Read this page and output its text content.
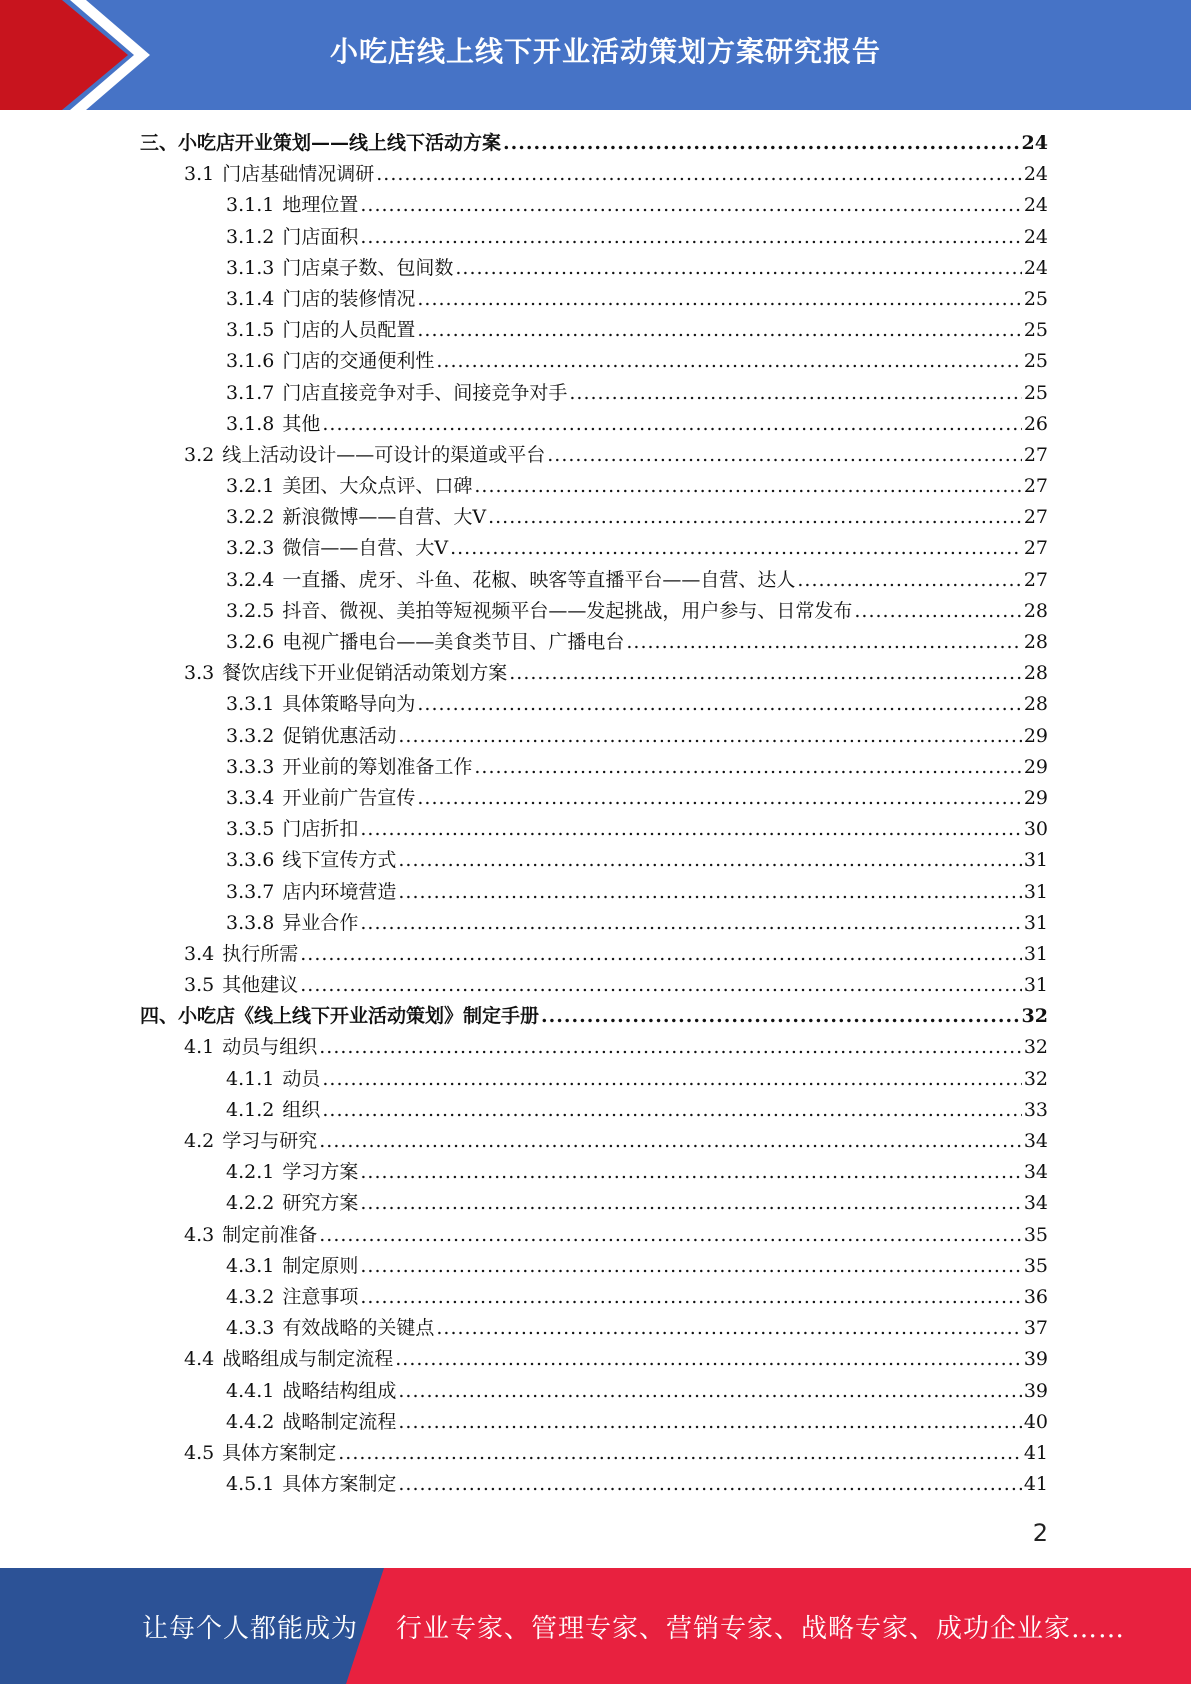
小吃店线上线下开业活动策划方案研究报告
三、 小吃店开业策划——线上线下活动方案 .....	24
3.1 门店基础情况调研 .....	24
3.1.1 地理位置 .....	24
3.1.2 门店面积 .....	24
3.1.3 门店桌子数、包间数 .....	24
3.1.4 门店的装修情况 .....	25
3.1.5 门店的人员配置 .....	25
3.1.6 门店的交通便利性 .....	25
3.1.7 门店直接竞争对手、间接竞争对手 .....	25
3.1.8 其他 .....	26
3.2 线上活动设计——可设计的渠道或平台 .....	27
3.2.1 美团、大众点评、口碑 .....	27
3.2.2 新浪微博——自营、大V .....	27
3.2.3 微信——自营、大V .....	27
3.2.4 一直播、虎牙、斗鱼、花椒、映客等直播平台——自营、达人 .....	27
3.2.5 抖音、微视、美拍等短视频平台——发起挑战，用户参与、日常发布 .....	28
3.2.6 电视广播电台——美食类节目、广播电台 .....	28
3.3 餐饮店线下开业促销活动策划方案 .....	28
3.3.1 具体策略导向为 .....	28
3.3.2 促销优惠活动 .....	29
3.3.3 开业前的筹划准备工作 .....	29
3.3.4 开业前广告宣传 .....	29
3.3.5 门店折扣 .....	30
3.3.6 线下宣传方式 .....	31
3.3.7 店内环境营造 .....	31
3.3.8 异业合作 .....	31
3.4 执行所需 .....	31
3.5 其他建议 .....	31
四、 小吃店《线上线下开业活动策划》制定手册 .....	32
4.1 动员与组织 .....	32
4.1.1 动员 .....	32
4.1.2 组织 .....	33
4.2 学习与研究 .....	34
4.2.1 学习方案 .....	34
4.2.2 研究方案 .....	34
4.3 制定前准备 .....	35
4.3.1 制定原则 .....	35
4.3.2 注意事项 .....	36
4.3.3 有效战略的关键点 .....	37
4.4 战略组成与制定流程 .....	39
4.4.1 战略结构组成 .....	39
4.4.2 战略制定流程 .....	40
4.5 具体方案制定 .....	41
4.5.1 具体方案制定 .....	41
2
让每个人都能成为 行业专家、管理专家、营销专家、战略专家、成功企业家……
